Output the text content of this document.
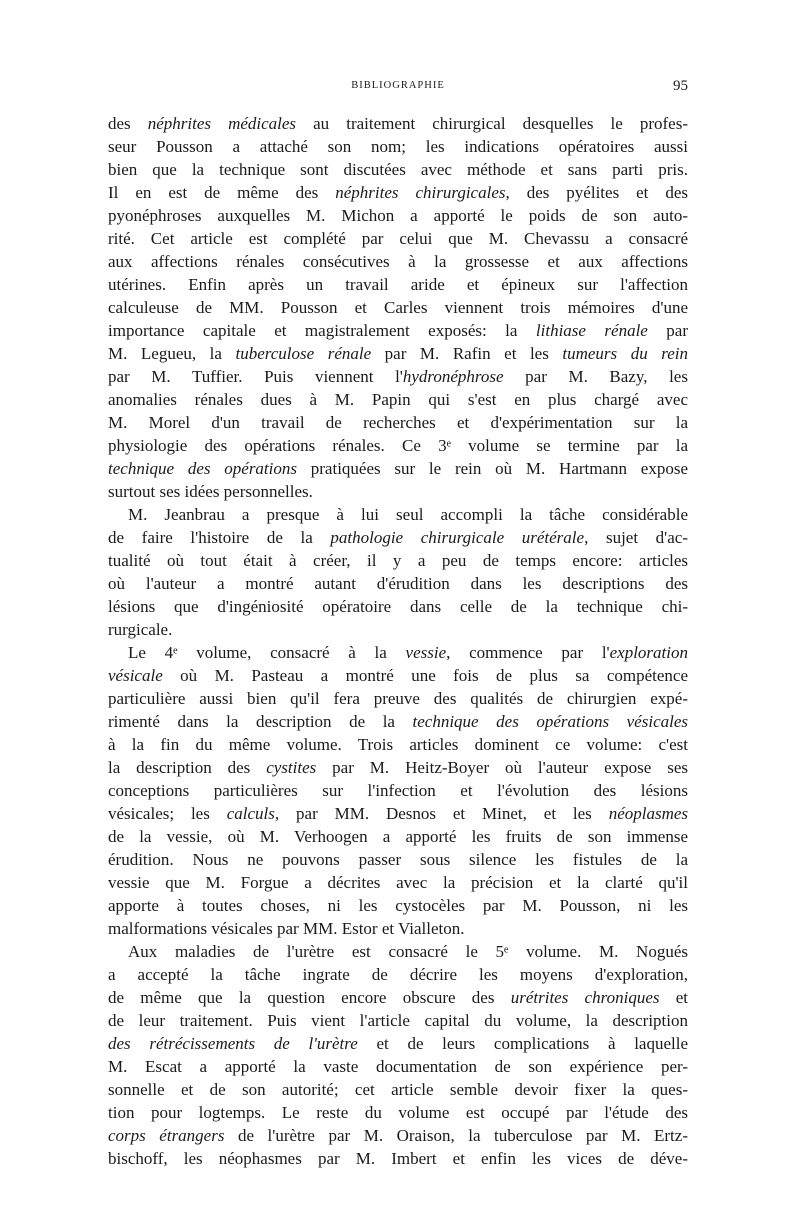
BIBLIOGRAPHIE	95
des néphrites médicales au traitement chirurgical desquelles le profes-
seur Pousson a attaché son nom; les indications opératoires aussi
bien que la technique sont discutées avec méthode et sans parti pris.
Il en est de même des néphrites chirurgicales, des pyélites et des
pyonéphroses auxquelles M. Michon a apporté le poids de son auto-
rité. Cet article est complété par celui que M. Chevassu a consacré
aux affections rénales consécutives à la grossesse et aux affections
utérines. Enfin après un travail aride et épineux sur l'affection
calculeuse de MM. Pousson et Carles viennent trois mémoires d'une
importance capitale et magistralement exposés: la lithiase rénale par
M. Legueu, la tuberculose rénale par M. Rafin et les tumeurs du rein
par M. Tuffier. Puis viennent l'hydronéphrose par M. Bazy, les
anomalies rénales dues à M. Papin qui s'est en plus chargé avec
M. Morel d'un travail de recherches et d'expérimentation sur la
physiologie des opérations rénales. Ce 3ᵉ volume se termine par la
technique des opérations pratiquées sur le rein où M. Hartmann expose
surtout ses idées personnelles.
M. Jeanbrau a presque à lui seul accompli la tâche considérable
de faire l'histoire de la pathologie chirurgicale urétérale, sujet d'ac-
tualité où tout était à créer, il y a peu de temps encore: articles
où l'auteur a montré autant d'érudition dans les descriptions des
lésions que d'ingéniosité opératoire dans celle de la technique chi-
rurgicale.
Le 4ᵉ volume, consacré à la vessie, commence par l'exploration
vésicale où M. Pasteau a montré une fois de plus sa compétence
particulière aussi bien qu'il fera preuve des qualités de chirurgien expé-
rimenté dans la description de la technique des opérations vésicales
à la fin du même volume. Trois articles dominent ce volume: c'est
la description des cystites par M. Heitz-Boyer où l'auteur expose ses
conceptions particulières sur l'infection et l'évolution des lésions
vésicales; les calculs, par MM. Desnos et Minet, et les néoplasmes
de la vessie, où M. Verhoogen a apporté les fruits de son immense
érudition. Nous ne pouvons passer sous silence les fistules de la
vessie que M. Forgue a décrites avec la précision et la clarté qu'il
apporte à toutes choses, ni les cystocèles par M. Pousson, ni les
malformations vésicales par MM. Estor et Vialleton.
Aux maladies de l'urètre est consacré le 5ᵉ volume. M. Nogués
a accepté la tâche ingrate de décrire les moyens d'exploration,
de même que la question encore obscure des urétrites chroniques et
de leur traitement. Puis vient l'article capital du volume, la description
des rétrécissements de l'urètre et de leurs complications à laquelle
M. Escat a apporté la vaste documentation de son expérience per-
sonnelle et de son autorité; cet article semble devoir fixer la ques-
tion pour logtemps. Le reste du volume est occupé par l'étude des
corps étrangers de l'urètre par M. Oraison, la tuberculose par M. Ertz-
bischoff, les néophasmes par M. Imbert et enfin les vices de déve-
